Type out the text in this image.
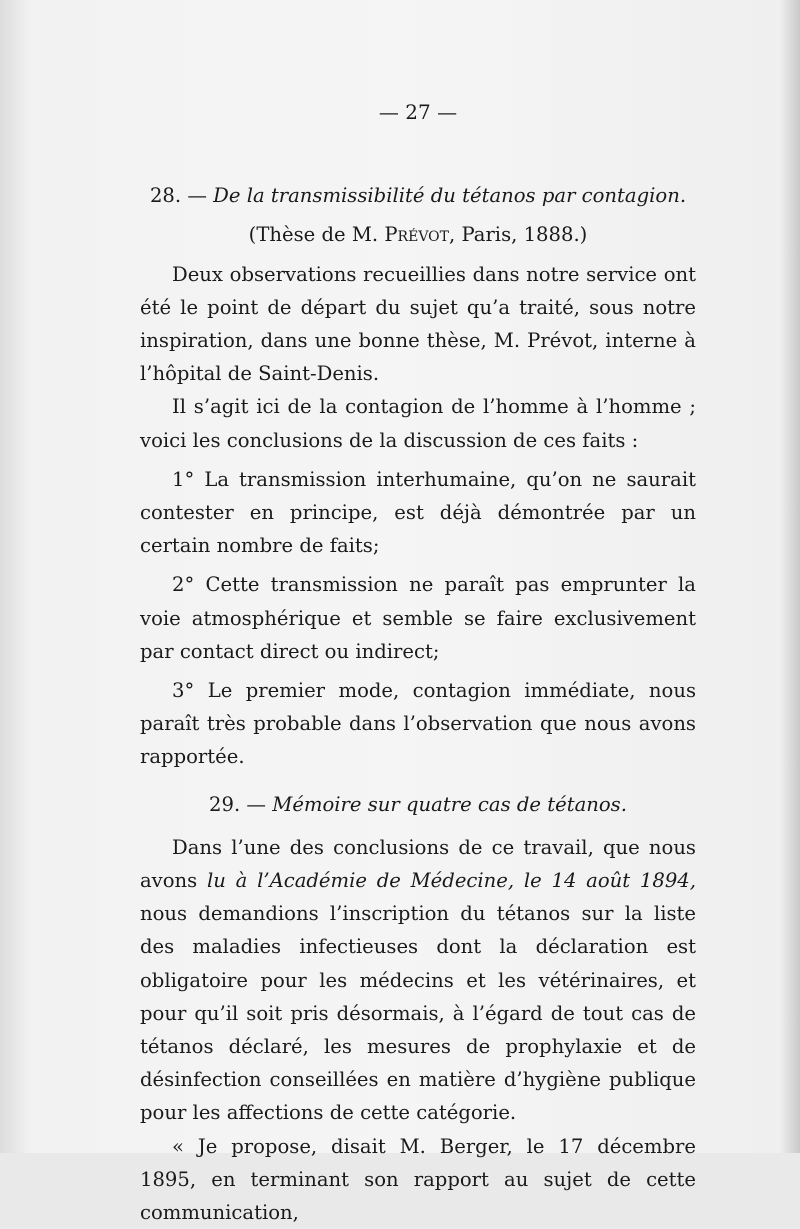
— 27 —

28. — De la transmissibilité du tétanos par contagion.

(Thèse de M. Prévot, Paris, 1888.)

Deux observations recueillies dans notre service ont été le point de départ du sujet qu’a traité, sous notre inspiration, dans une bonne thèse, M. Prévot, interne à l’hôpital de Saint-Denis.

Il s’agit ici de la contagion de l’homme à l’homme ; voici les conclusions de la discussion de ces faits :

1° La transmission interhumaine, qu’on ne saurait contester en principe, est déjà démontrée par un certain nombre de faits;

2° Cette transmission ne paraît pas emprunter la voie atmosphérique et semble se faire exclusivement par contact direct ou indirect;

3° Le premier mode, contagion immédiate, nous paraît très probable dans l’observation que nous avons rapportée.

29. — Mémoire sur quatre cas de tétanos.

Dans l’une des conclusions de ce travail, que nous avons lu à l’Académie de Médecine, le 14 août 1894, nous demandions l’inscription du tétanos sur la liste des maladies infectieuses dont la déclaration est obligatoire pour les médecins et les vétérinaires, et pour qu’il soit pris désormais, à l’égard de tout cas de tétanos déclaré, les mesures de prophylaxie et de désinfection conseillées en matière d’hygiène publique pour les affections de cette catégorie.

« Je propose, disait M. Berger, le 17 décembre 1895, en terminant son rapport au sujet de cette communication,
